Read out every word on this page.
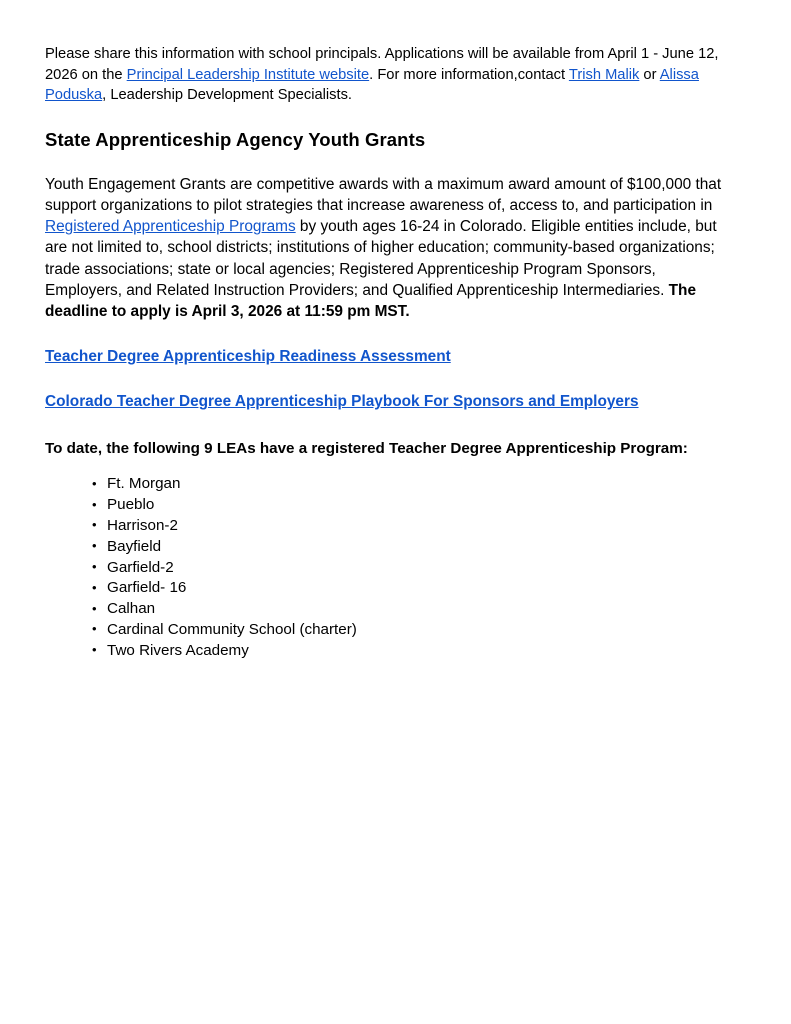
Please share this information with school principals. Applications will be available from April 1 - June 12, 2026 on the Principal Leadership Institute website. For more information,contact Trish Malik or Alissa Poduska, Leadership Development Specialists.

State Apprenticeship Agency Youth Grants

Youth Engagement Grants are competitive awards with a maximum award amount of $100,000 that support organizations to pilot strategies that increase awareness of, access to, and participation in Registered Apprenticeship Programs by youth ages 16-24 in Colorado. Eligible entities include, but are not limited to, school districts; institutions of higher education; community-based organizations; trade associations; state or local agencies; Registered Apprenticeship Program Sponsors, Employers, and Related Instruction Providers; and Qualified Apprenticeship Intermediaries. The deadline to apply is April 3, 2026 at 11:59 pm MST.

Teacher Degree Apprenticeship Readiness Assessment

Colorado Teacher Degree Apprenticeship Playbook For Sponsors and Employers

To date, the following 9 LEAs have a registered Teacher Degree Apprenticeship Program:

• Ft. Morgan
• Pueblo
• Harrison-2
• Bayfield
• Garfield-2
• Garfield- 16
• Calhan
• Cardinal Community School (charter)
• Two Rivers Academy
